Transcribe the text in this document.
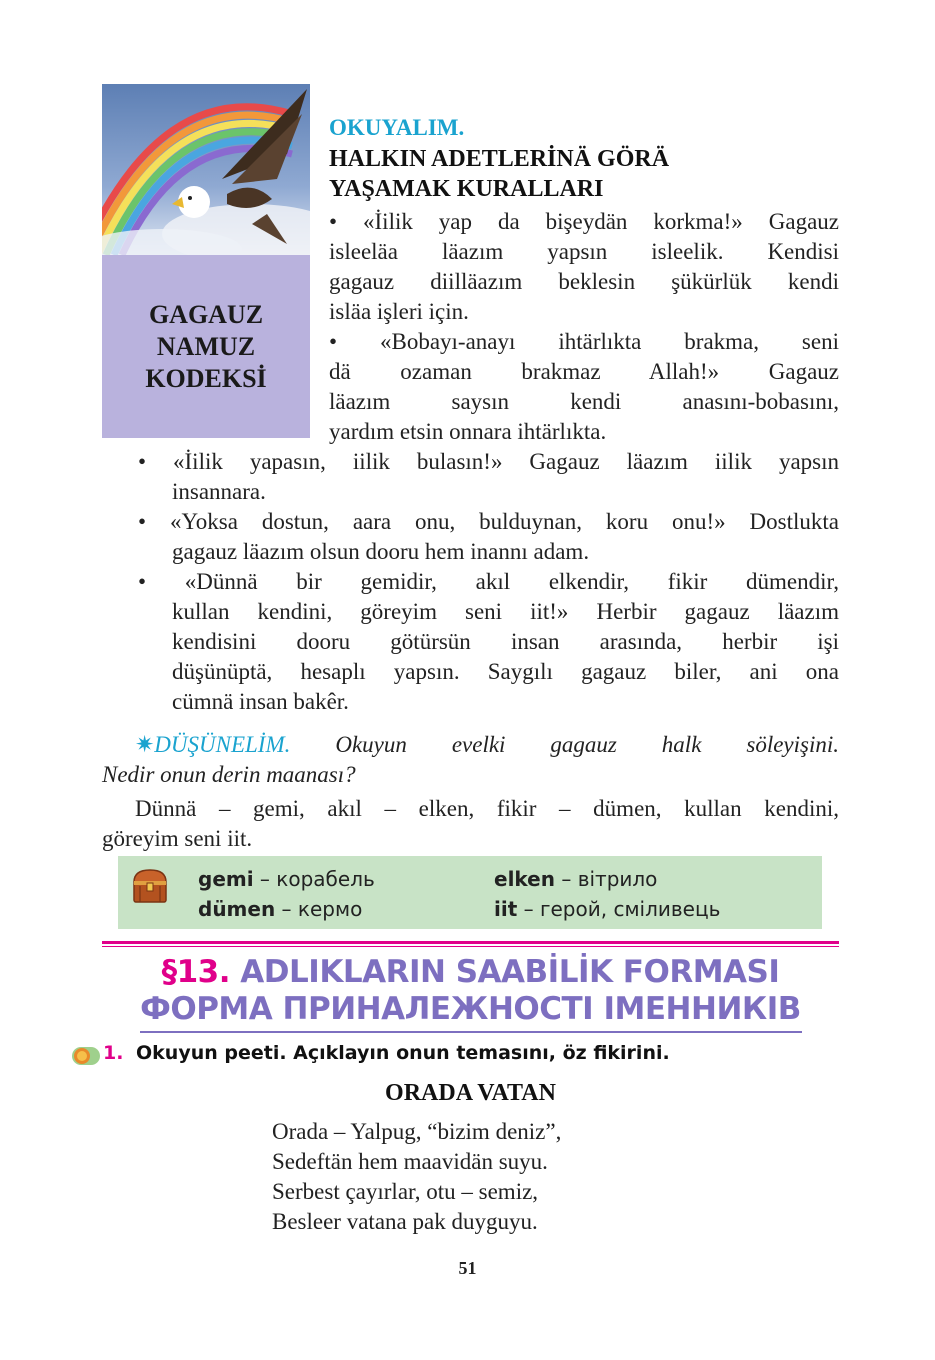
GAGAUZ
NAMUZ
KODEKSİ
OKUYALIM.
HALKIN ADETLERİNÄ GÖRÄ
YAŞAMAK KURALLARI
• «İilik yap da bişeydän korkma!» Gagauz
isleeläa läazım yapsın isleelik. Kendisi
gagauz diilläazım beklesin şükürlük kendi
isläa işleri için.
• «Bobayı-anayı ihtärlıkta brakma, seni
dä ozaman brakmaz Allah!» Gagauz
läazım saysın kendi anasını-bobasını,
yardım etsin onnara ihtärlıkta.
• «İilik yapasın, iilik bulasın!» Gagauz läazım iilik yapsın
insannara.
• «Yoksa dostun, aara onu, bulduynan, koru onu!» Dostlukta
gagauz läazım olsun dooru hem inannı adam.
• «Dünnä bir gemidir, akıl elkendir, fikir dümendir,
kullan kendini, göreyim seni iit!» Herbir gagauz läazım
kendisini dooru götürsün insan arasında, herbir işi
düşünüptä, hesaplı yapsın. Saygılı gagauz biler, ani ona
cümnä insan bakêr.
✷DÜŞÜNELİM. Okuyun evelki gagauz halk söleyişini.
Nedir onun derin maanası?
Dünnä – gemi, akıl – elken, fikir – dümen, kullan kendini,
göreyim seni iit.
gemi – корабель	elken – вітрило
dümen – кермо	iit – герой, сміливець
§13. ADLIKLARIN SAABİLİK FORMASI
ФОРМА ПРИНАЛЕЖНОСТІ ІМЕННИКІВ
1. Okuyun peeti. Açıklayın onun temasını, öz fikirini.
ORADA VATAN
Orada – Yalpug, “bizim deniz”,
Sedeftän hem maavidän suyu.
Serbest çayırlar, otu – semiz,
Besleer vatana pak duyguyu.
51
